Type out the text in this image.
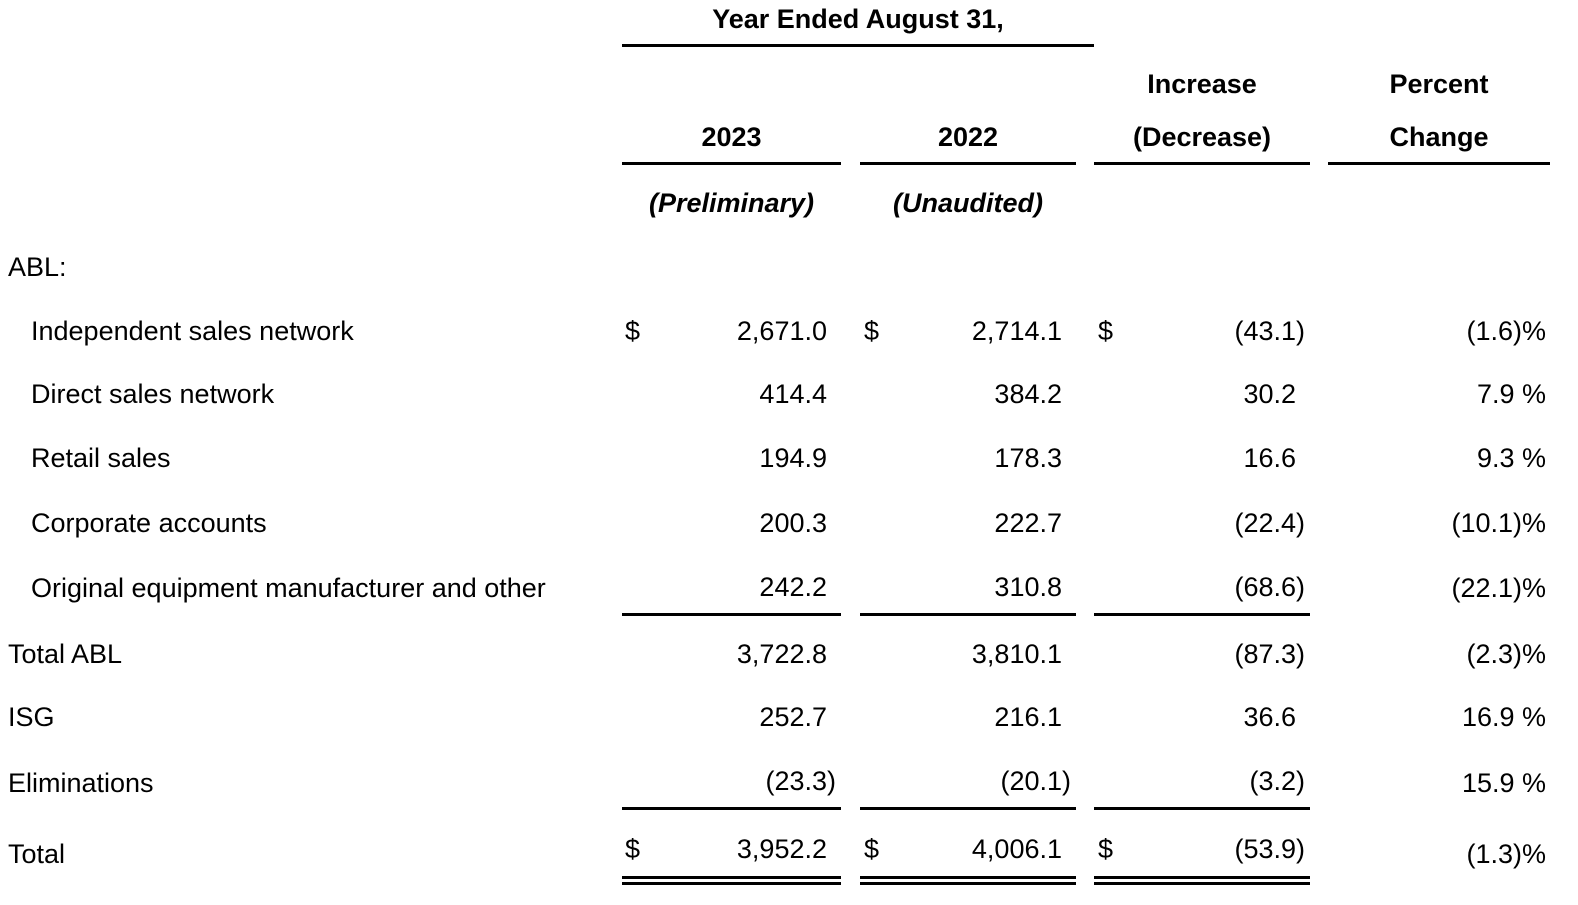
Year Ended August 31,
Increase	Percent
2023	2022	(Decrease)	Change
(Preliminary)	(Unaudited)
ABL:
Independent sales network	$	2,671.0 $	2,714.1 $	(43.1)	(1.6)%
Direct sales network	414.4	384.2	30.2	7.9 %
Retail sales	194.9	178.3	16.6	9.3 %
Corporate accounts	200.3	222.7	(22.4)	(10.1)%
Original equipment manufacturer and other	242.2	310.8	(68.6)	(22.1)%
Total ABL	3,722.8	3,810.1	(87.3)	(2.3)%
ISG	252.7	216.1	36.6	16.9 %
Eliminations	(23.3)	(20.1)	(3.2)	15.9 %
Total	$	3,952.2 $	4,006.1 $	(53.9)	(1.3)%
